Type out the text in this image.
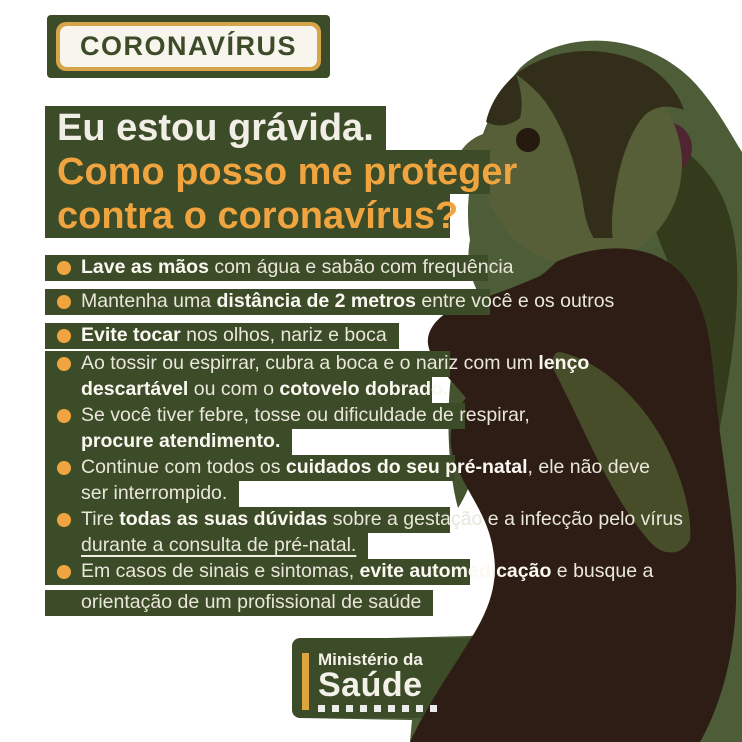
CORONAVÍRUS
Eu estou grávida.
Como posso me proteger
contra o coronavírus?
Lave as mãos com água e sabão com frequência
Mantenha uma distância de 2 metros entre você e os outros
Evite tocar nos olhos, nariz e boca
Ao tossir ou espirrar, cubra a boca e o nariz com um lenço
descartável ou com o cotovelo dobrado.
Se você tiver febre, tosse ou dificuldade de respirar,
procure atendimento.
Continue com todos os cuidados do seu pré-natal, ele não deve
ser interrompido.
Tire todas as suas dúvidas sobre a gestação e a infecção pelo vírus
durante a consulta de pré-natal.
Em casos de sinais e sintomas, evite automedicação e busque a
orientação de um profissional de saúde
Ministério da
Saúde
